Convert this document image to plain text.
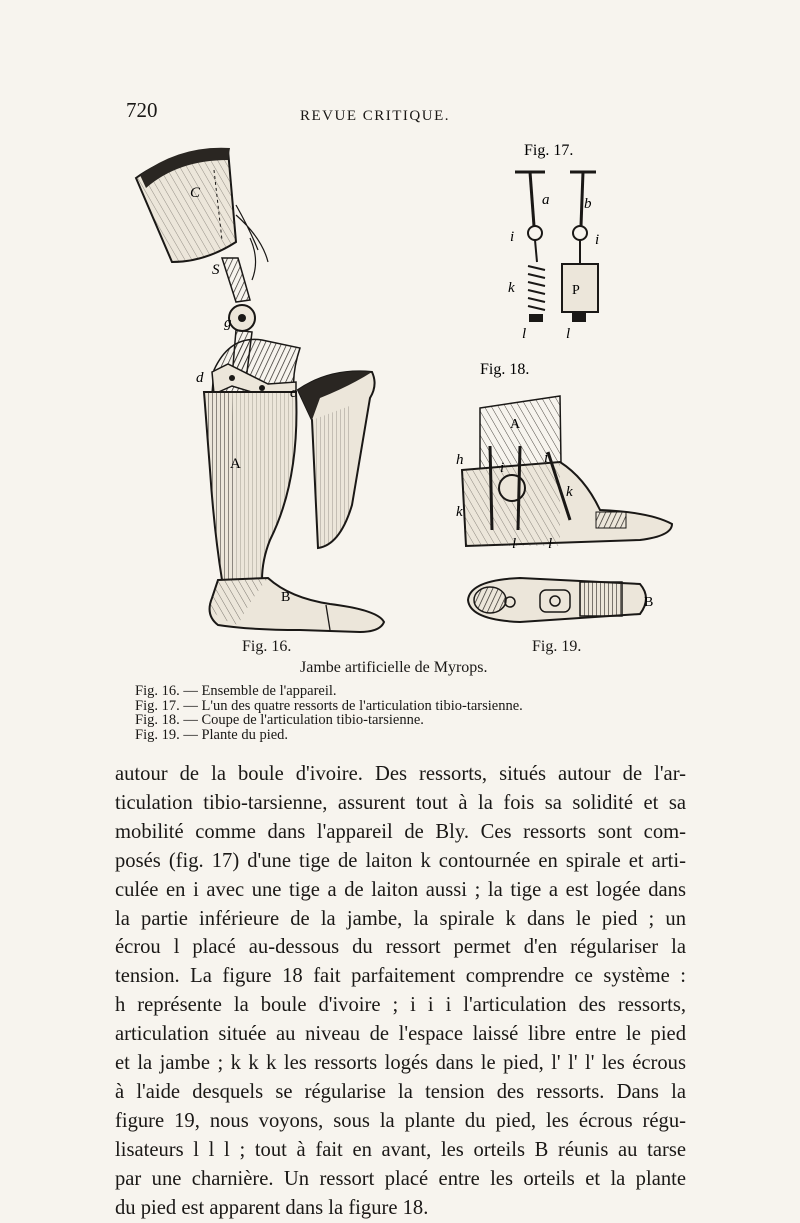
720	REVUE CRITIQUE.
C
S
g
d
c
A
B
Fig. 17.
a b
i	i
k	P
l	l
Fig. 18.
A
h
k
k
i
i
l l
B
Fig. 16.	Fig. 19.
Jambe artificielle de Myrops.
Fig. 16. — Ensemble de l'appareil.
Fig. 17. — L'un des quatre ressorts de l'articulation tibio-tarsienne.
Fig. 18. — Coupe de l'articulation tibio-tarsienne.
Fig. 19. — Plante du pied.
autour de la boule d'ivoire. Des ressorts, situés autour de l'ar-
ticulation tibio-tarsienne, assurent tout à la fois sa solidité et sa
mobilité comme dans l'appareil de Bly. Ces ressorts sont com-
posés (fig. 17) d'une tige de laiton k contournée en spirale et arti-
culée en i avec une tige a de laiton aussi ; la tige a est logée dans
la partie inférieure de la jambe, la spirale k dans le pied ; un
écrou l placé au-dessous du ressort permet d'en régulariser la
tension. La figure 18 fait parfaitement comprendre ce système :
h représente la boule d'ivoire ; i i i l'articulation des ressorts,
articulation située au niveau de l'espace laissé libre entre le pied
et la jambe ; k k k les ressorts logés dans le pied, l' l' l' les écrous
à l'aide desquels se régularise la tension des ressorts. Dans la
figure 19, nous voyons, sous la plante du pied, les écrous régu-
lisateurs l l l ; tout à fait en avant, les orteils B réunis au tarse
par une charnière. Un ressort placé entre les orteils et la plante
du pied est apparent dans la figure 18.
